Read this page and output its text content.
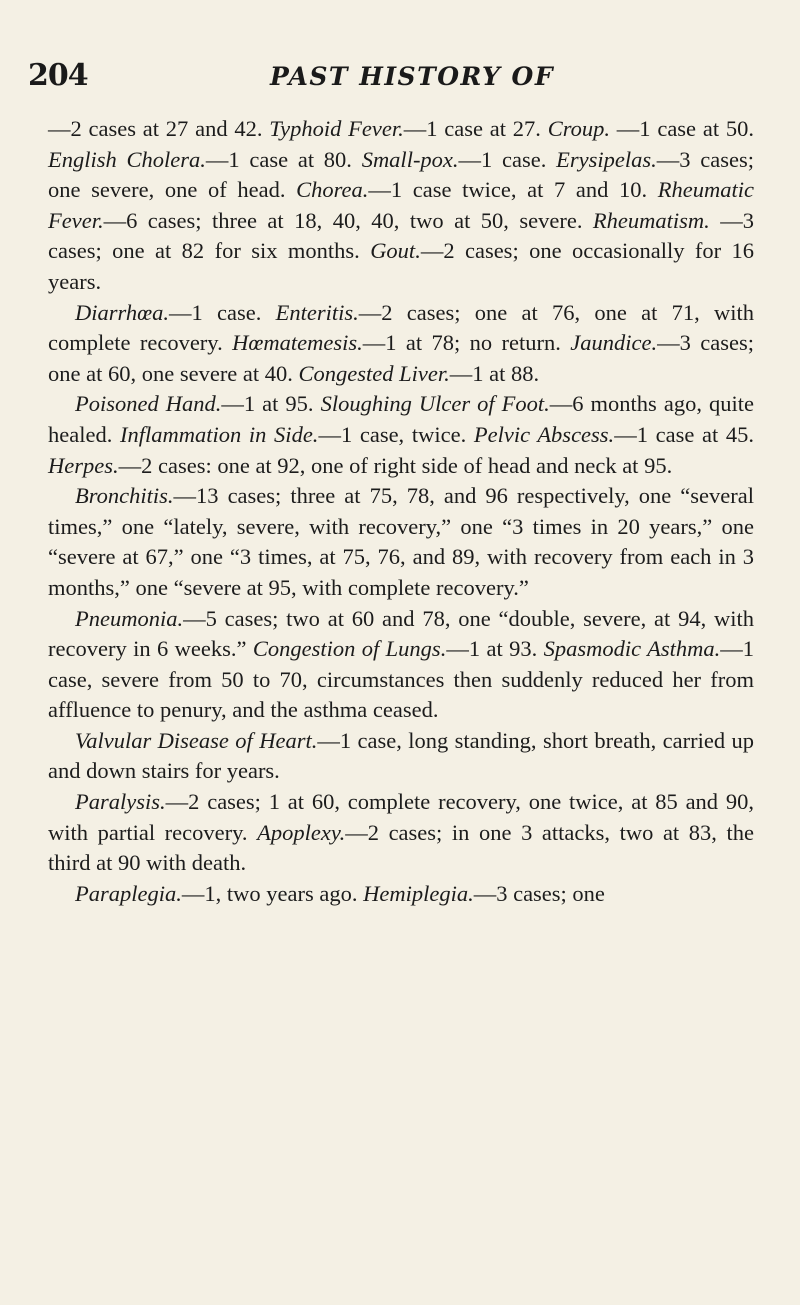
204	PAST HISTORY OF

—2 cases at 27 and 42. Typhoid Fever.—1 case at 27. Croup. —1 case at 50. English Cholera.—1 case at 80. Small-pox.—1 case. Erysipelas.—3 cases; one severe, one of head. Chorea.—1 case twice, at 7 and 10. Rheumatic Fever.—6 cases; three at 18, 40, 40, two at 50, severe. Rheumatism. —3 cases; one at 82 for six months. Gout.—2 cases; one occasionally for 16 years.

Diarrhœa.—1 case. Enteritis.—2 cases; one at 76, one at 71, with complete recovery. Hœmatemesis.—1 at 78; no return. Jaundice.—3 cases; one at 60, one severe at 40. Congested Liver.—1 at 88.

Poisoned Hand.—1 at 95. Sloughing Ulcer of Foot.—6 months ago, quite healed. Inflammation in Side.—1 case, twice. Pelvic Abscess.—1 case at 45. Herpes.—2 cases: one at 92, one of right side of head and neck at 95.

Bronchitis.—13 cases; three at 75, 78, and 96 respectively, one “several times,” one “lately, severe, with recovery,” one “3 times in 20 years,” one “severe at 67,” one “3 times, at 75, 76, and 89, with recovery from each in 3 months,” one “severe at 95, with complete recovery.”

Pneumonia.—5 cases; two at 60 and 78, one “double, severe, at 94, with recovery in 6 weeks.” Congestion of Lungs.—1 at 93. Spasmodic Asthma.—1 case, severe from 50 to 70, circumstances then suddenly reduced her from affluence to penury, and the asthma ceased.

Valvular Disease of Heart.—1 case, long standing, short breath, carried up and down stairs for years.

Paralysis.—2 cases; 1 at 60, complete recovery, one twice, at 85 and 90, with partial recovery. Apoplexy.—2 cases; in one 3 attacks, two at 83, the third at 90 with death.

Paraplegia.—1, two years ago. Hemiplegia.—3 cases; one
